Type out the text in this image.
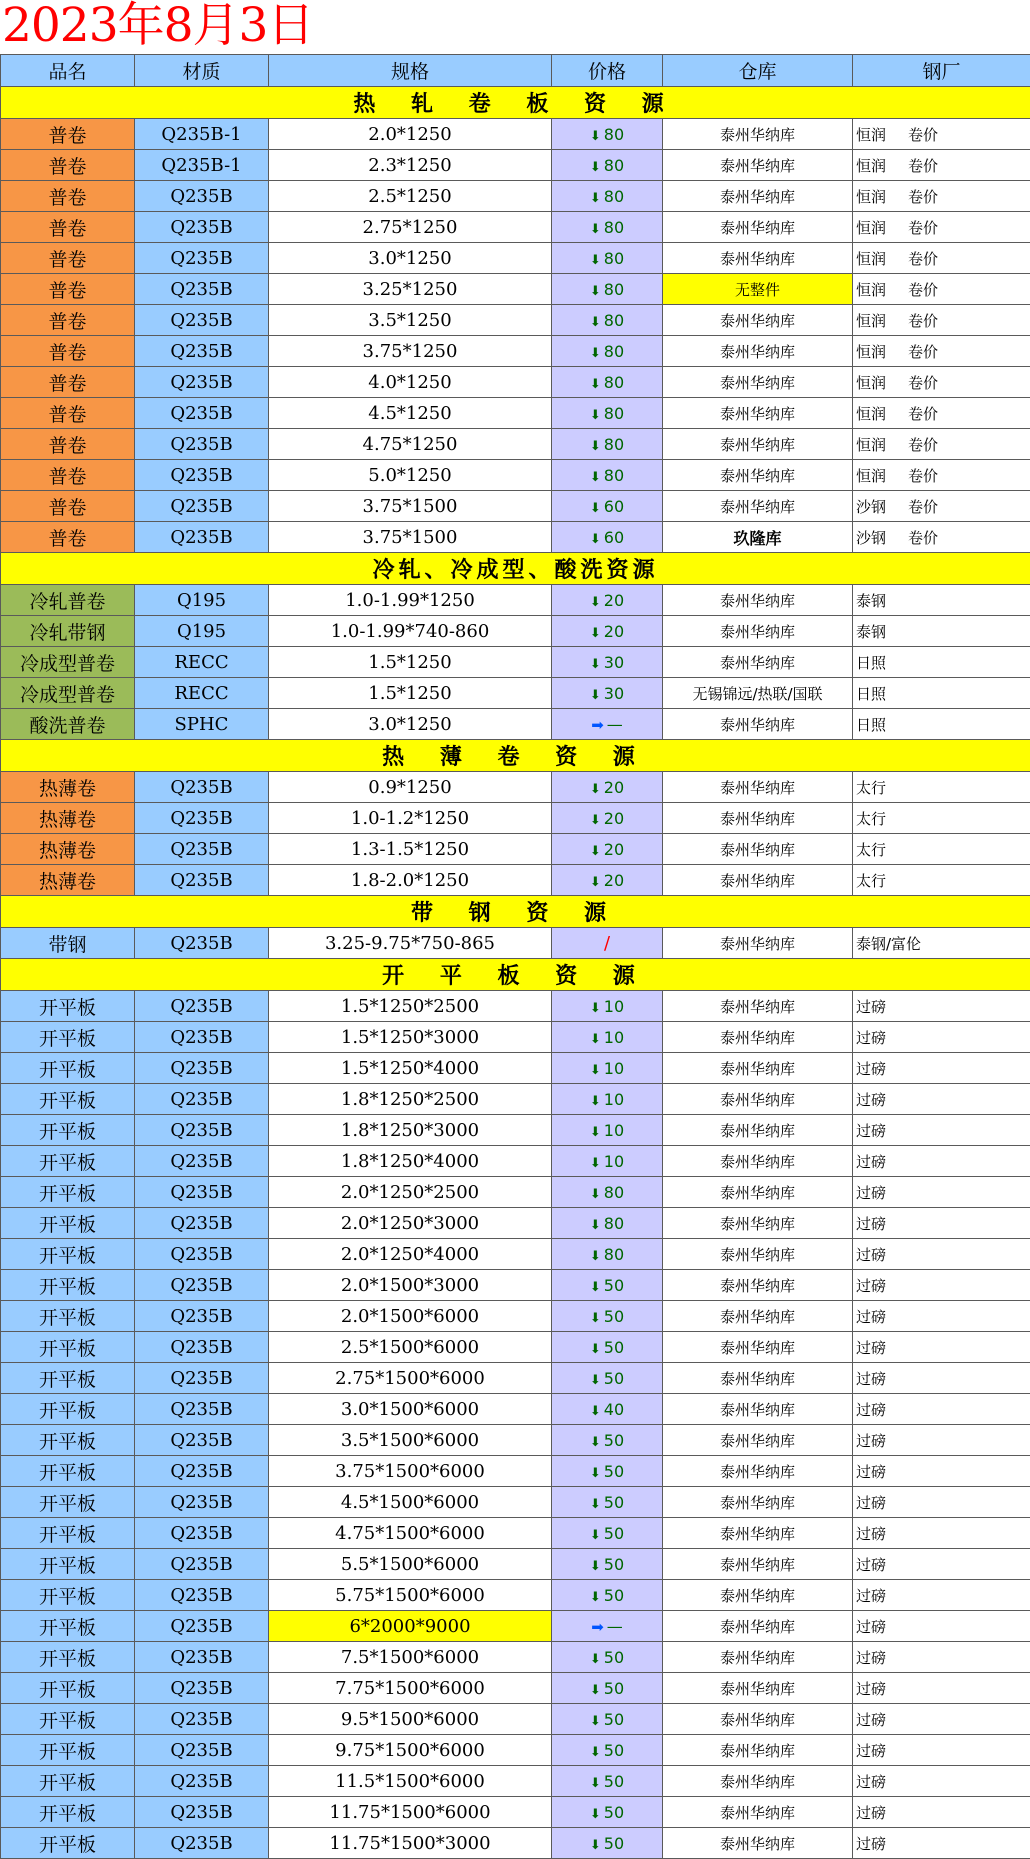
2023年8月3日
品名	材质	规格	价格	仓库	钢厂
热 轧 卷 板 资 源					
普卷	Q235B-1	2.0*1250	⬇ 80	泰州华纳库	恒润 卷价
普卷	Q235B-1	2.3*1250	⬇ 80	泰州华纳库	恒润 卷价
普卷	Q235B	2.5*1250	⬇ 80	泰州华纳库	恒润 卷价
普卷	Q235B	2.75*1250	⬇ 80	泰州华纳库	恒润 卷价
普卷	Q235B	3.0*1250	⬇ 80	泰州华纳库	恒润 卷价
普卷	Q235B	3.25*1250	⬇ 80	无整件	恒润 卷价
普卷	Q235B	3.5*1250	⬇ 80	泰州华纳库	恒润 卷价
普卷	Q235B	3.75*1250	⬇ 80	泰州华纳库	恒润 卷价
普卷	Q235B	4.0*1250	⬇ 80	泰州华纳库	恒润 卷价
普卷	Q235B	4.5*1250	⬇ 80	泰州华纳库	恒润 卷价
普卷	Q235B	4.75*1250	⬇ 80	泰州华纳库	恒润 卷价
普卷	Q235B	5.0*1250	⬇ 80	泰州华纳库	恒润 卷价
普卷	Q235B	3.75*1500	⬇ 60	泰州华纳库	沙钢 卷价
普卷	Q235B	3.75*1500	⬇ 60	玖隆库	沙钢 卷价
冷轧、冷成型、酸洗资源					
冷轧普卷	Q195	1.0-1.99*1250	⬇ 20	泰州华纳库	泰钢
冷轧带钢	Q195	1.0-1.99*740-860	⬇ 20	泰州华纳库	泰钢
冷成型普卷	RECC	1.5*1250	⬇ 30	泰州华纳库	日照
冷成型普卷	RECC	1.5*1250	⬇ 30	无锡锦远/热联/国联	日照
酸洗普卷	SPHC	3.0*1250	➡ —	泰州华纳库	日照
热 薄 卷 资 源					
热薄卷	Q235B	0.9*1250	⬇ 20	泰州华纳库	太行
热薄卷	Q235B	1.0-1.2*1250	⬇ 20	泰州华纳库	太行
热薄卷	Q235B	1.3-1.5*1250	⬇ 20	泰州华纳库	太行
热薄卷	Q235B	1.8-2.0*1250	⬇ 20	泰州华纳库	太行
带 钢 资 源					
带钢	Q235B	3.25-9.75*750-865	/	泰州华纳库	泰钢/富伦
开 平 板 资 源					
开平板	Q235B	1.5*1250*2500	⬇ 10	泰州华纳库	过磅
开平板	Q235B	1.5*1250*3000	⬇ 10	泰州华纳库	过磅
开平板	Q235B	1.5*1250*4000	⬇ 10	泰州华纳库	过磅
开平板	Q235B	1.8*1250*2500	⬇ 10	泰州华纳库	过磅
开平板	Q235B	1.8*1250*3000	⬇ 10	泰州华纳库	过磅
开平板	Q235B	1.8*1250*4000	⬇ 10	泰州华纳库	过磅
开平板	Q235B	2.0*1250*2500	⬇ 80	泰州华纳库	过磅
开平板	Q235B	2.0*1250*3000	⬇ 80	泰州华纳库	过磅
开平板	Q235B	2.0*1250*4000	⬇ 80	泰州华纳库	过磅
开平板	Q235B	2.0*1500*3000	⬇ 50	泰州华纳库	过磅
开平板	Q235B	2.0*1500*6000	⬇ 50	泰州华纳库	过磅
开平板	Q235B	2.5*1500*6000	⬇ 50	泰州华纳库	过磅
开平板	Q235B	2.75*1500*6000	⬇ 50	泰州华纳库	过磅
开平板	Q235B	3.0*1500*6000	⬇ 40	泰州华纳库	过磅
开平板	Q235B	3.5*1500*6000	⬇ 50	泰州华纳库	过磅
开平板	Q235B	3.75*1500*6000	⬇ 50	泰州华纳库	过磅
开平板	Q235B	4.5*1500*6000	⬇ 50	泰州华纳库	过磅
开平板	Q235B	4.75*1500*6000	⬇ 50	泰州华纳库	过磅
开平板	Q235B	5.5*1500*6000	⬇ 50	泰州华纳库	过磅
开平板	Q235B	5.75*1500*6000	⬇ 50	泰州华纳库	过磅
开平板	Q235B	6*2000*9000	➡ —	泰州华纳库	过磅
开平板	Q235B	7.5*1500*6000	⬇ 50	泰州华纳库	过磅
开平板	Q235B	7.75*1500*6000	⬇ 50	泰州华纳库	过磅
开平板	Q235B	9.5*1500*6000	⬇ 50	泰州华纳库	过磅
开平板	Q235B	9.75*1500*6000	⬇ 50	泰州华纳库	过磅
开平板	Q235B	11.5*1500*6000	⬇ 50	泰州华纳库	过磅
开平板	Q235B	11.75*1500*6000	⬇ 50	泰州华纳库	过磅
开平板	Q235B	11.75*1500*3000	⬇ 50	泰州华纳库	过磅
